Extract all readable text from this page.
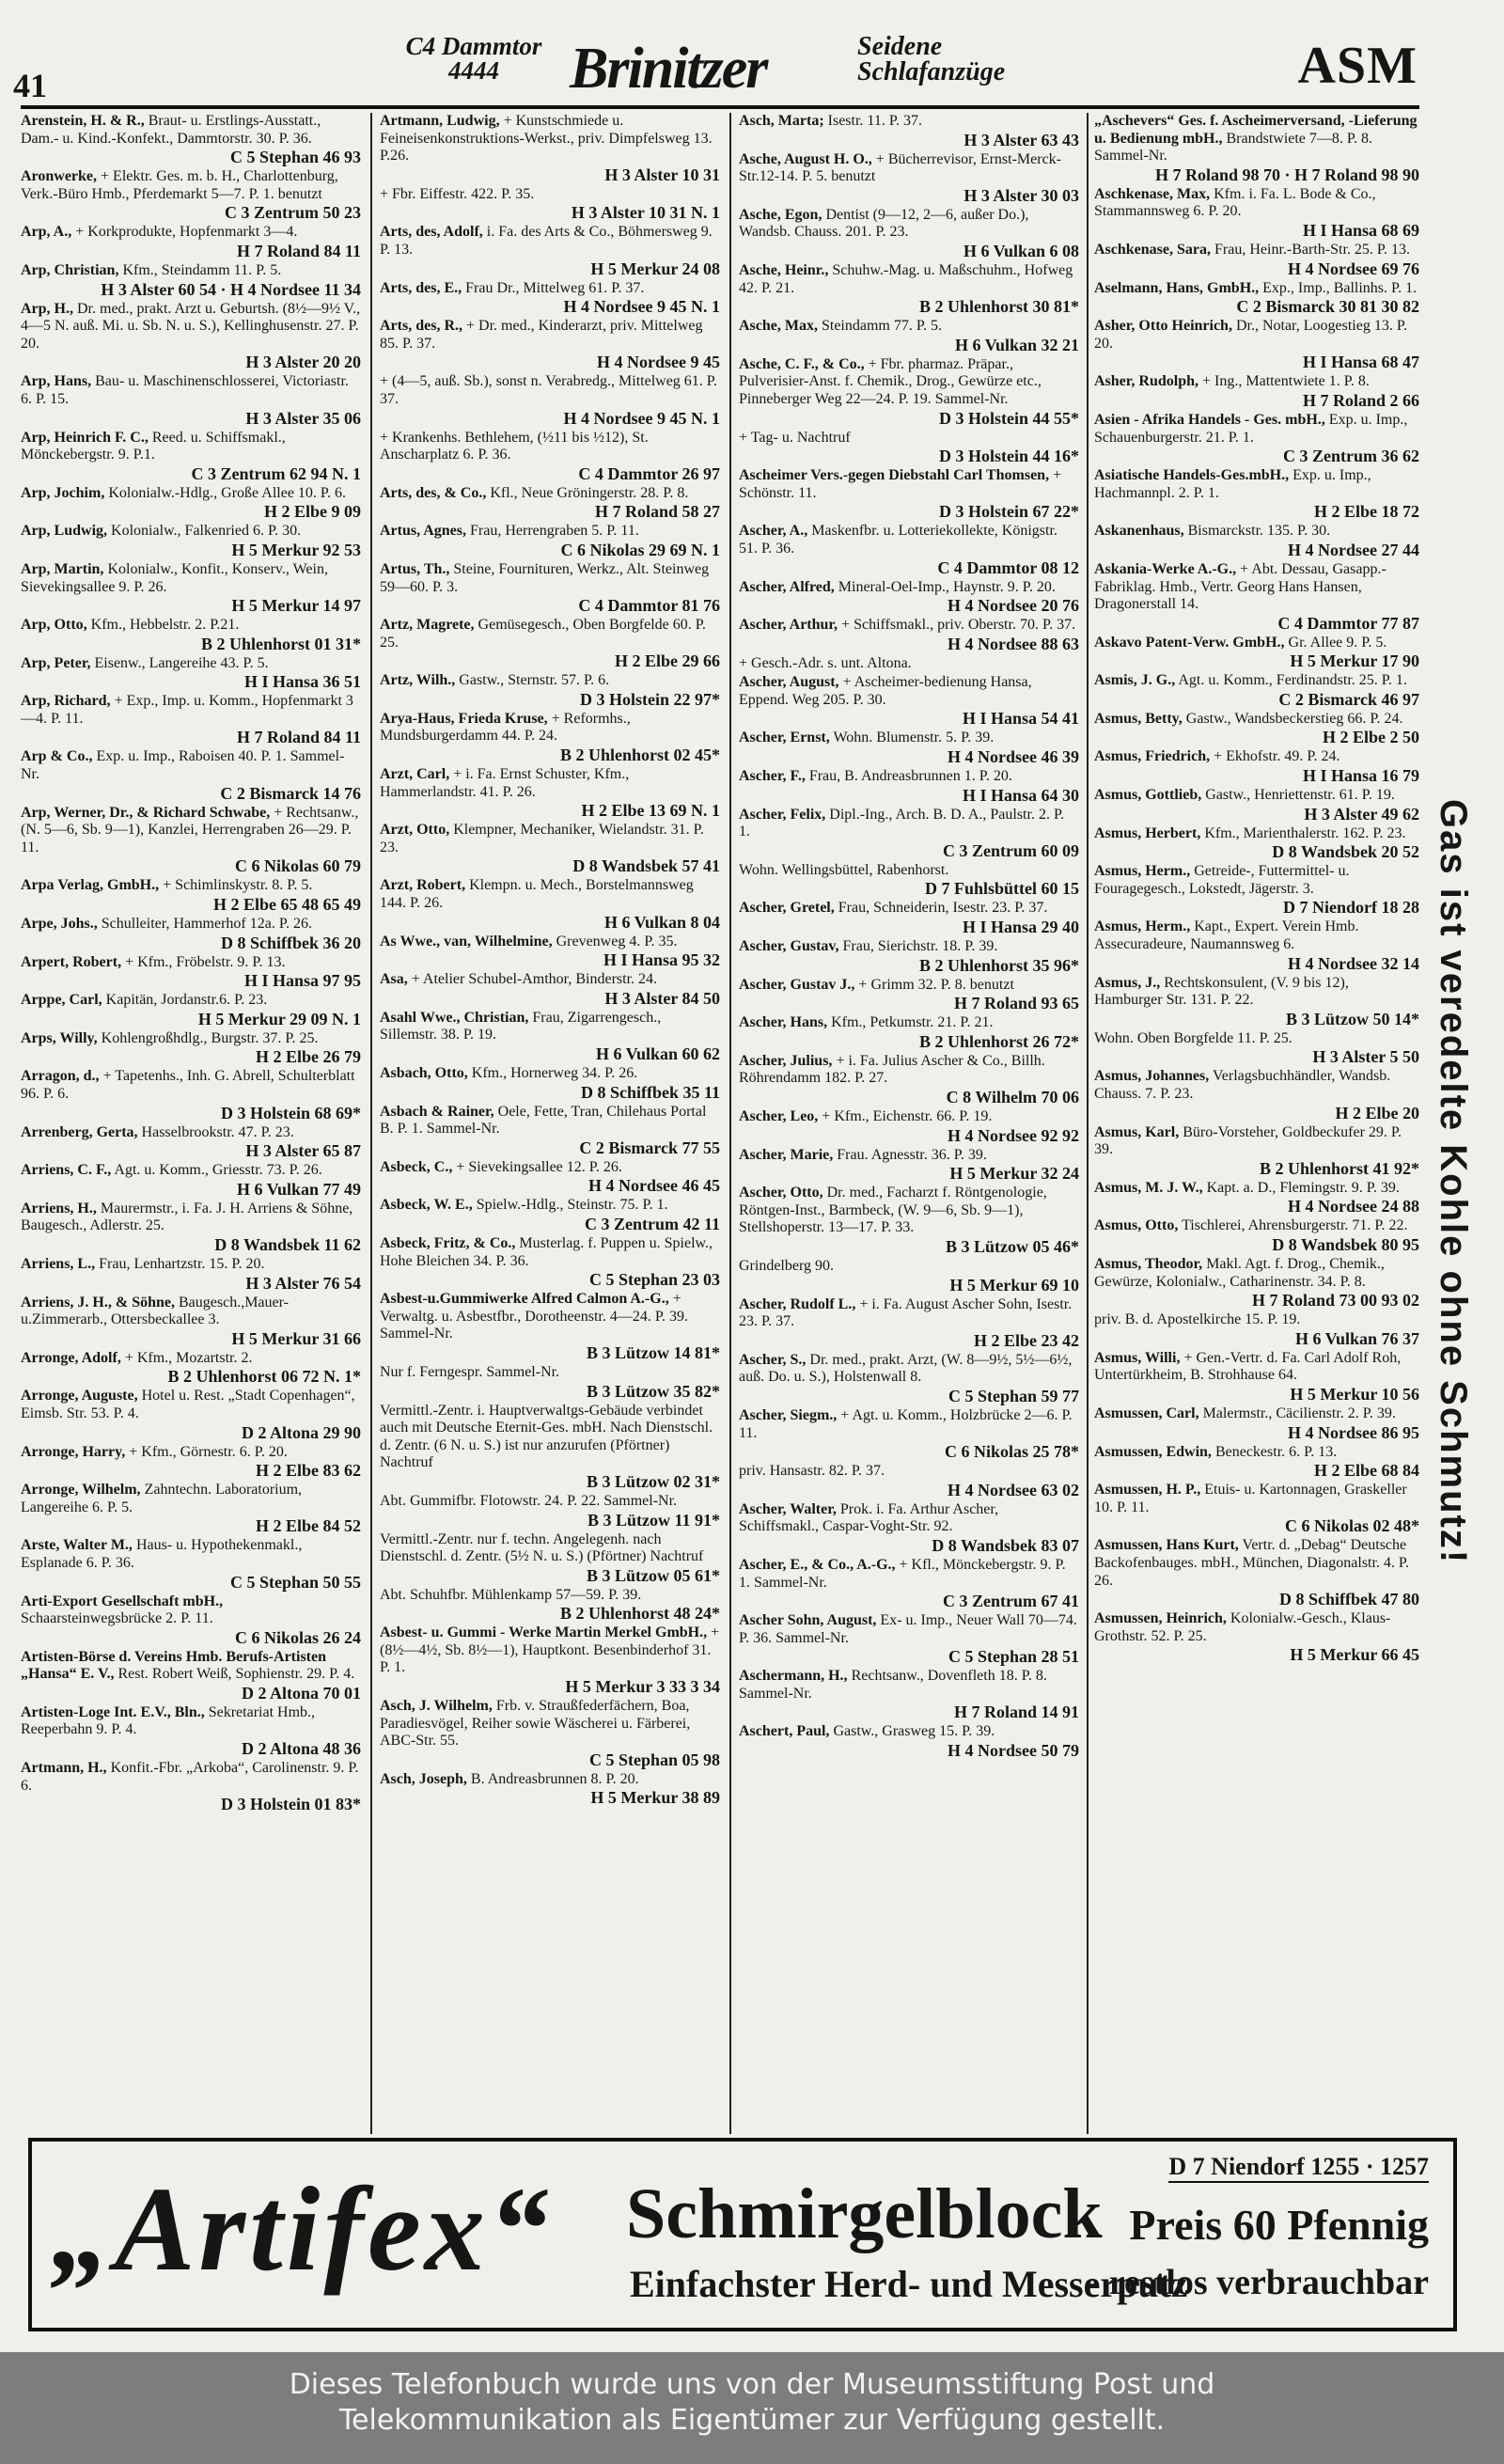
41
C4 Dammtor 4444	Brinitzer	Seidene Schlafanzüge	ASM
Arenstein, H. & R., Braut- u. Erstlings-Ausstatt., Dam.- u. Kind.-Konfekt., Dammtorstr. 30. P. 36.
C 5 Stephan 46 93
Aronwerke, + Elektr. Ges. m. b. H., Charlottenburg, Verk.-Büro Hmb., Pferdemarkt 5—7. P. 1. benutzt
C 3 Zentrum 50 23
Arp, A., + Korkprodukte, Hopfenmarkt 3—4.
H 7 Roland 84 11
Arp, Christian, Kfm., Steindamm 11. P. 5.
H 3 Alster 60 54 · H 4 Nordsee 11 34
Arp, H., Dr. med., prakt. Arzt u. Geburtsh. (8½—9½ V., 4—5 N. auß. Mi. u. Sb. N. u. S.), Kellinghusenstr. 27. P. 20.
H 3 Alster 20 20
Arp, Hans, Bau- u. Maschinenschlosserei, Victoriastr. 6. P. 15.
H 3 Alster 35 06
Arp, Heinrich F. C., Reed. u. Schiffsmakl., Mönckebergstr. 9. P.1.
C 3 Zentrum 62 94 N. 1
Arp, Jochim, Kolonialw.-Hdlg., Große Allee 10. P. 6.
H 2 Elbe 9 09
Arp, Ludwig, Kolonialw., Falkenried 6. P. 30.
H 5 Merkur 92 53
Arp, Martin, Kolonialw., Konfit., Konserv., Wein, Sievekingsallee 9. P. 26.
H 5 Merkur 14 97
Arp, Otto, Kfm., Hebbelstr. 2. P.21.
B 2 Uhlenhorst 01 31*
Arp, Peter, Eisenw., Langereihe 43. P. 5.
H I Hansa 36 51
Arp, Richard, + Exp., Imp. u. Komm., Hopfenmarkt 3—4. P. 11.
H 7 Roland 84 11
Arp & Co., Exp. u. Imp., Raboisen 40. P. 1. Sammel-Nr.
C 2 Bismarck 14 76
Arp, Werner, Dr., & Richard Schwabe, + Rechtsanw., (N. 5—6, Sb. 9—1), Kanzlei, Herrengraben 26—29. P. 11.
C 6 Nikolas 60 79
Arpa Verlag, GmbH., + Schimlinskystr. 8. P. 5.
H 2 Elbe 65 48 65 49
Arpe, Johs., Schulleiter, Hammerhof 12a. P. 26.
D 8 Schiffbek 36 20
Arpert, Robert, + Kfm., Fröbelstr. 9. P. 13.
H I Hansa 97 95
Arppe, Carl, Kapitän, Jordanstr.6. P. 23.
H 5 Merkur 29 09 N. 1
Arps, Willy, Kohlengroßhdlg., Burgstr. 37. P. 25.
H 2 Elbe 26 79
Arragon, d., + Tapetenhs., Inh. G. Abrell, Schulterblatt 96. P. 6.
D 3 Holstein 68 69*
Arrenberg, Gerta, Hasselbrookstr. 47. P. 23.
H 3 Alster 65 87
Arriens, C. F., Agt. u. Komm., Griesstr. 73. P. 26.
H 6 Vulkan 77 49
Arriens, H., Maurermstr., i. Fa. J. H. Arriens & Söhne, Baugesch., Adlerstr. 25.
D 8 Wandsbek 11 62
Arriens, L., Frau, Lenhartzstr. 15. P. 20.
H 3 Alster 76 54
Arriens, J. H., & Söhne, Baugesch.,Mauer-u.Zimmerarb., Ottersbeckallee 3.
H 5 Merkur 31 66
Arronge, Adolf, + Kfm., Mozartstr. 2.
B 2 Uhlenhorst 06 72 N. 1*
Arronge, Auguste, Hotel u. Rest. „Stadt Copenhagen“, Eimsb. Str. 53. P. 4.
D 2 Altona 29 90
Arronge, Harry, + Kfm., Görnestr. 6. P. 20.
H 2 Elbe 83 62
Arronge, Wilhelm, Zahntechn. Laboratorium, Langereihe 6. P. 5.
H 2 Elbe 84 52
Arste, Walter M., Haus- u. Hypothekenmakl., Esplanade 6. P. 36.
C 5 Stephan 50 55
Arti-Export Gesellschaft mbH., Schaarsteinwegsbrücke 2. P. 11.
C 6 Nikolas 26 24
Artisten-Börse d. Vereins Hmb. Berufs-Artisten „Hansa“ E. V., Rest. Robert Weiß, Sophienstr. 29. P. 4.
D 2 Altona 70 01
Artisten-Loge Int. E.V., Bln., Sekretariat Hmb., Reeperbahn 9. P. 4.
D 2 Altona 48 36
Artmann, H., Konfit.-Fbr. „Arkoba“, Carolinenstr. 9. P. 6.
D 3 Holstein 01 83*
Artmann, Ludwig, + Kunstschmiede u. Feineisenkonstruktions-Werkst., priv. Dimpfelsweg 13. P.26.
H 3 Alster 10 31
+ Fbr. Eiffestr. 422. P. 35.
H 3 Alster 10 31 N. 1
Arts, des, Adolf, i. Fa. des Arts & Co., Böhmersweg 9. P. 13.
H 5 Merkur 24 08
Arts, des, E., Frau Dr., Mittelweg 61. P. 37.
H 4 Nordsee 9 45 N. 1
Arts, des, R., + Dr. med., Kinderarzt, priv. Mittelweg 85. P. 37.
H 4 Nordsee 9 45
+ (4—5, auß. Sb.), sonst n. Verabredg., Mittelweg 61. P. 37.
H 4 Nordsee 9 45 N. 1
+ Krankenhs. Bethlehem, (½11 bis ½12), St. Anscharplatz 6. P. 36.
C 4 Dammtor 26 97
Arts, des, & Co., Kfl., Neue Gröningerstr. 28. P. 8.
H 7 Roland 58 27
Artus, Agnes, Frau, Herrengraben 5. P. 11.
C 6 Nikolas 29 69 N. 1
Artus, Th., Steine, Fournituren, Werkz., Alt. Steinweg 59—60. P. 3.
C 4 Dammtor 81 76
Artz, Magrete, Gemüsegesch., Oben Borgfelde 60. P. 25.
H 2 Elbe 29 66
Artz, Wilh., Gastw., Sternstr. 57. P. 6.
D 3 Holstein 22 97*
Arya-Haus, Frieda Kruse, + Reformhs., Mundsburgerdamm 44. P. 24.
B 2 Uhlenhorst 02 45*
Arzt, Carl, + i. Fa. Ernst Schuster, Kfm., Hammerlandstr. 41. P. 26.
H 2 Elbe 13 69 N. 1
Arzt, Otto, Klempner, Mechaniker, Wielandstr. 31. P. 23.
D 8 Wandsbek 57 41
Arzt, Robert, Klempn. u. Mech., Borstelmannsweg 144. P. 26.
H 6 Vulkan 8 04
As Wwe., van, Wilhelmine, Grevenweg 4. P. 35.
H I Hansa 95 32
Asa, + Atelier Schubel-Amthor, Binderstr. 24.
H 3 Alster 84 50
Asahl Wwe., Christian, Frau, Zigarrengesch., Sillemstr. 38. P. 19.
H 6 Vulkan 60 62
Asbach, Otto, Kfm., Hornerweg 34. P. 26.
D 8 Schiffbek 35 11
Asbach & Rainer, Oele, Fette, Tran, Chilehaus Portal B. P. 1. Sammel-Nr.
C 2 Bismarck 77 55
Asbeck, C., + Sievekingsallee 12. P. 26.
H 4 Nordsee 46 45
Asbeck, W. E., Spielw.-Hdlg., Steinstr. 75. P. 1.
C 3 Zentrum 42 11
Asbeck, Fritz, & Co., Musterlag. f. Puppen u. Spielw., Hohe Bleichen 34. P. 36.
C 5 Stephan 23 03
Asbest-u.Gummiwerke Alfred Calmon A.-G., + Verwaltg. u. Asbestfbr., Dorotheenstr. 4—24. P. 39. Sammel-Nr.
B 3 Lützow 14 81*
Nur f. Ferngespr. Sammel-Nr.
B 3 Lützow 35 82*
Vermittl.-Zentr. i. Hauptverwaltgs-Gebäude verbindet auch mit Deutsche Eternit-Ges. mbH. Nach Dienstschl. d. Zentr. (6 N. u. S.) ist nur anzurufen (Pförtner) Nachtruf
B 3 Lützow 02 31*
Abt. Gummifbr. Flotowstr. 24. P. 22. Sammel-Nr.
B 3 Lützow 11 91*
Vermittl.-Zentr. nur f. techn. Angelegenh. nach Dienstschl. d. Zentr. (5½ N. u. S.) (Pförtner) Nachtruf
B 3 Lützow 05 61*
Abt. Schuhfbr. Mühlenkamp 57—59. P. 39.
B 2 Uhlenhorst 48 24*
Asbest- u. Gummi - Werke Martin Merkel GmbH., + (8½—4½, Sb. 8½—1), Hauptkont. Besenbinderhof 31. P. 1.
H 5 Merkur 3 33 3 34
Asch, J. Wilhelm, Frb. v. Straußfederfächern, Boa, Paradiesvögel, Reiher sowie Wäscherei u. Färberei, ABC-Str. 55.
C 5 Stephan 05 98
Asch, Joseph, B. Andreasbrunnen 8. P. 20.
H 5 Merkur 38 89
Asch, Marta; Isestr. 11. P. 37.
H 3 Alster 63 43
Asche, August H. O., + Bücherrevisor, Ernst-Merck-Str.12-14. P. 5. benutzt
H 3 Alster 30 03
Asche, Egon, Dentist (9—12, 2—6, außer Do.), Wandsb. Chauss. 201. P. 23.
H 6 Vulkan 6 08
Asche, Heinr., Schuhw.-Mag. u. Maßschuhm., Hofweg 42. P. 21.
B 2 Uhlenhorst 30 81*
Asche, Max, Steindamm 77. P. 5.
H 6 Vulkan 32 21
Asche, C. F., & Co., + Fbr. pharmaz. Präpar., Pulverisier-Anst. f. Chemik., Drog., Gewürze etc., Pinneberger Weg 22—24. P. 19. Sammel-Nr.
D 3 Holstein 44 55*
+ Tag- u. Nachtruf
D 3 Holstein 44 16*
Ascheimer Vers.-gegen Diebstahl Carl Thomsen, + Schönstr. 11.
D 3 Holstein 67 22*
Ascher, A., Maskenfbr. u. Lotteriekollekte, Königstr. 51. P. 36.
C 4 Dammtor 08 12
Ascher, Alfred, Mineral-Oel-Imp., Haynstr. 9. P. 20.
H 4 Nordsee 20 76
Ascher, Arthur, + Schiffsmakl., priv. Oberstr. 70. P. 37.
H 4 Nordsee 88 63
+ Gesch.-Adr. s. unt. Altona.
Ascher, August, + Ascheimer-bedienung Hansa, Eppend. Weg 205. P. 30.
H I Hansa 54 41
Ascher, Ernst, Wohn. Blumenstr. 5. P. 39.
H 4 Nordsee 46 39
Ascher, F., Frau, B. Andreasbrunnen 1. P. 20.
H I Hansa 64 30
Ascher, Felix, Dipl.-Ing., Arch. B. D. A., Paulstr. 2. P. 1.
C 3 Zentrum 60 09
Wohn. Wellingsbüttel, Rabenhorst.
D 7 Fuhlsbüttel 60 15
Ascher, Gretel, Frau, Schneiderin, Isestr. 23. P. 37.
H I Hansa 29 40
Ascher, Gustav, Frau, Sierichstr. 18. P. 39.
B 2 Uhlenhorst 35 96*
Ascher, Gustav J., + Grimm 32. P. 8. benutzt
H 7 Roland 93 65
Ascher, Hans, Kfm., Petkumstr. 21. P. 21.
B 2 Uhlenhorst 26 72*
Ascher, Julius, + i. Fa. Julius Ascher & Co., Billh. Röhrendamm 182. P. 27.
C 8 Wilhelm 70 06
Ascher, Leo, + Kfm., Eichenstr. 66. P. 19.
H 4 Nordsee 92 92
Ascher, Marie, Frau. Agnesstr. 36. P. 39.
H 5 Merkur 32 24
Ascher, Otto, Dr. med., Facharzt f. Röntgenologie, Röntgen-Inst., Barmbeck, (W. 9—6, Sb. 9—1), Stellshoperstr. 13—17. P. 33.
B 3 Lützow 05 46*
Grindelberg 90.
H 5 Merkur 69 10
Ascher, Rudolf L., + i. Fa. August Ascher Sohn, Isestr. 23. P. 37.
H 2 Elbe 23 42
Ascher, S., Dr. med., prakt. Arzt, (W. 8—9½, 5½—6½, auß. Do. u. S.), Holstenwall 8.
C 5 Stephan 59 77
Ascher, Siegm., + Agt. u. Komm., Holzbrücke 2—6. P. 11.
C 6 Nikolas 25 78*
priv. Hansastr. 82. P. 37.
H 4 Nordsee 63 02
Ascher, Walter, Prok. i. Fa. Arthur Ascher, Schiffsmakl., Caspar-Voght-Str. 92.
D 8 Wandsbek 83 07
Ascher, E., & Co., A.-G., + Kfl., Mönckebergstr. 9. P. 1. Sammel-Nr.
C 3 Zentrum 67 41
Ascher Sohn, August, Ex- u. Imp., Neuer Wall 70—74. P. 36. Sammel-Nr.
C 5 Stephan 28 51
Aschermann, H., Rechtsanw., Dovenfleth 18. P. 8. Sammel-Nr.
H 7 Roland 14 91
Aschert, Paul, Gastw., Grasweg 15. P. 39.
H 4 Nordsee 50 79
„Aschevers“ Ges. f. Ascheimerversand, -Lieferung u. Bedienung mbH., Brandstwiete 7—8. P. 8. Sammel-Nr.
H 7 Roland 98 70 · H 7 Roland 98 90
Aschkenase, Max, Kfm. i. Fa. L. Bode & Co., Stammannsweg 6. P. 20.
H I Hansa 68 69
Aschkenase, Sara, Frau, Heinr.-Barth-Str. 25. P. 13.
H 4 Nordsee 69 76
Aselmann, Hans, GmbH., Exp., Imp., Ballinhs. P. 1.
C 2 Bismarck 30 81 30 82
Asher, Otto Heinrich, Dr., Notar, Loogestieg 13. P. 20.
H I Hansa 68 47
Asher, Rudolph, + Ing., Mattentwiete 1. P. 8.
H 7 Roland 2 66
Asien - Afrika Handels - Ges. mbH., Exp. u. Imp., Schauenburgerstr. 21. P. 1.
C 3 Zentrum 36 62
Asiatische Handels-Ges.mbH., Exp. u. Imp., Hachmannpl. 2. P. 1.
H 2 Elbe 18 72
Askanenhaus, Bismarckstr. 135. P. 30.
H 4 Nordsee 27 44
Askania-Werke A.-G., + Abt. Dessau, Gasapp.- Fabriklag. Hmb., Vertr. Georg Hans Hansen, Dragonerstall 14.
C 4 Dammtor 77 87
Askavo Patent-Verw. GmbH., Gr. Allee 9. P. 5.
H 5 Merkur 17 90
Asmis, J. G., Agt. u. Komm., Ferdinandstr. 25. P. 1.
C 2 Bismarck 46 97
Asmus, Betty, Gastw., Wandsbeckerstieg 66. P. 24.
H 2 Elbe 2 50
Asmus, Friedrich, + Ekhofstr. 49. P. 24.
H I Hansa 16 79
Asmus, Gottlieb, Gastw., Henriettenstr. 61. P. 19.
H 3 Alster 49 62
Asmus, Herbert, Kfm., Marienthalerstr. 162. P. 23.
D 8 Wandsbek 20 52
Asmus, Herm., Getreide-, Futtermittel- u. Fouragegesch., Lokstedt, Jägerstr. 3.
D 7 Niendorf 18 28
Asmus, Herm., Kapt., Expert. Verein Hmb. Assecuradeure, Naumannsweg 6.
H 4 Nordsee 32 14
Asmus, J., Rechtskonsulent, (V. 9 bis 12), Hamburger Str. 131. P. 22.
B 3 Lützow 50 14*
Wohn. Oben Borgfelde 11. P. 25.
H 3 Alster 5 50
Asmus, Johannes, Verlagsbuchhändler, Wandsb. Chauss. 7. P. 23.
H 2 Elbe 20
Asmus, Karl, Büro-Vorsteher, Goldbeckufer 29. P. 39.
B 2 Uhlenhorst 41 92*
Asmus, M. J. W., Kapt. a. D., Flemingstr. 9. P. 39.
H 4 Nordsee 24 88
Asmus, Otto, Tischlerei, Ahrensburgerstr. 71. P. 22.
D 8 Wandsbek 80 95
Asmus, Theodor, Makl. Agt. f. Drog., Chemik., Gewürze, Kolonialw., Catharinenstr. 34. P. 8.
H 7 Roland 73 00 93 02
priv. B. d. Apostelkirche 15. P. 19.
H 6 Vulkan 76 37
Asmus, Willi, + Gen.-Vertr. d. Fa. Carl Adolf Roh, Untertürkheim, B. Strohhause 64.
H 5 Merkur 10 56
Asmussen, Carl, Malermstr., Cäcilienstr. 2. P. 39.
H 4 Nordsee 86 95
Asmussen, Edwin, Beneckestr. 6. P. 13.
H 2 Elbe 68 84
Asmussen, H. P., Etuis- u. Kartonnagen, Graskeller 10. P. 11.
C 6 Nikolas 02 48*
Asmussen, Hans Kurt, Vertr. d. „Debag“ Deutsche Backofenbauges. mbH., München, Diagonalstr. 4. P. 26.
D 8 Schiffbek 47 80
Asmussen, Heinrich, Kolonialw.-Gesch., Klaus-Grothstr. 52. P. 25.
H 5 Merkur 66 45
Gas ist veredelte Kohle ohne Schmutz!
„Artifex“ Schmirgelblock
Einfachster Herd- und Messerputz
D 7 Niendorf 1255 · 1257
Preis 60 Pfennig
- restlos verbrauchbar
Dieses Telefonbuch wurde uns von der Museumsstiftung Post und
Telekommunikation als Eigentümer zur Verfügung gestellt.
